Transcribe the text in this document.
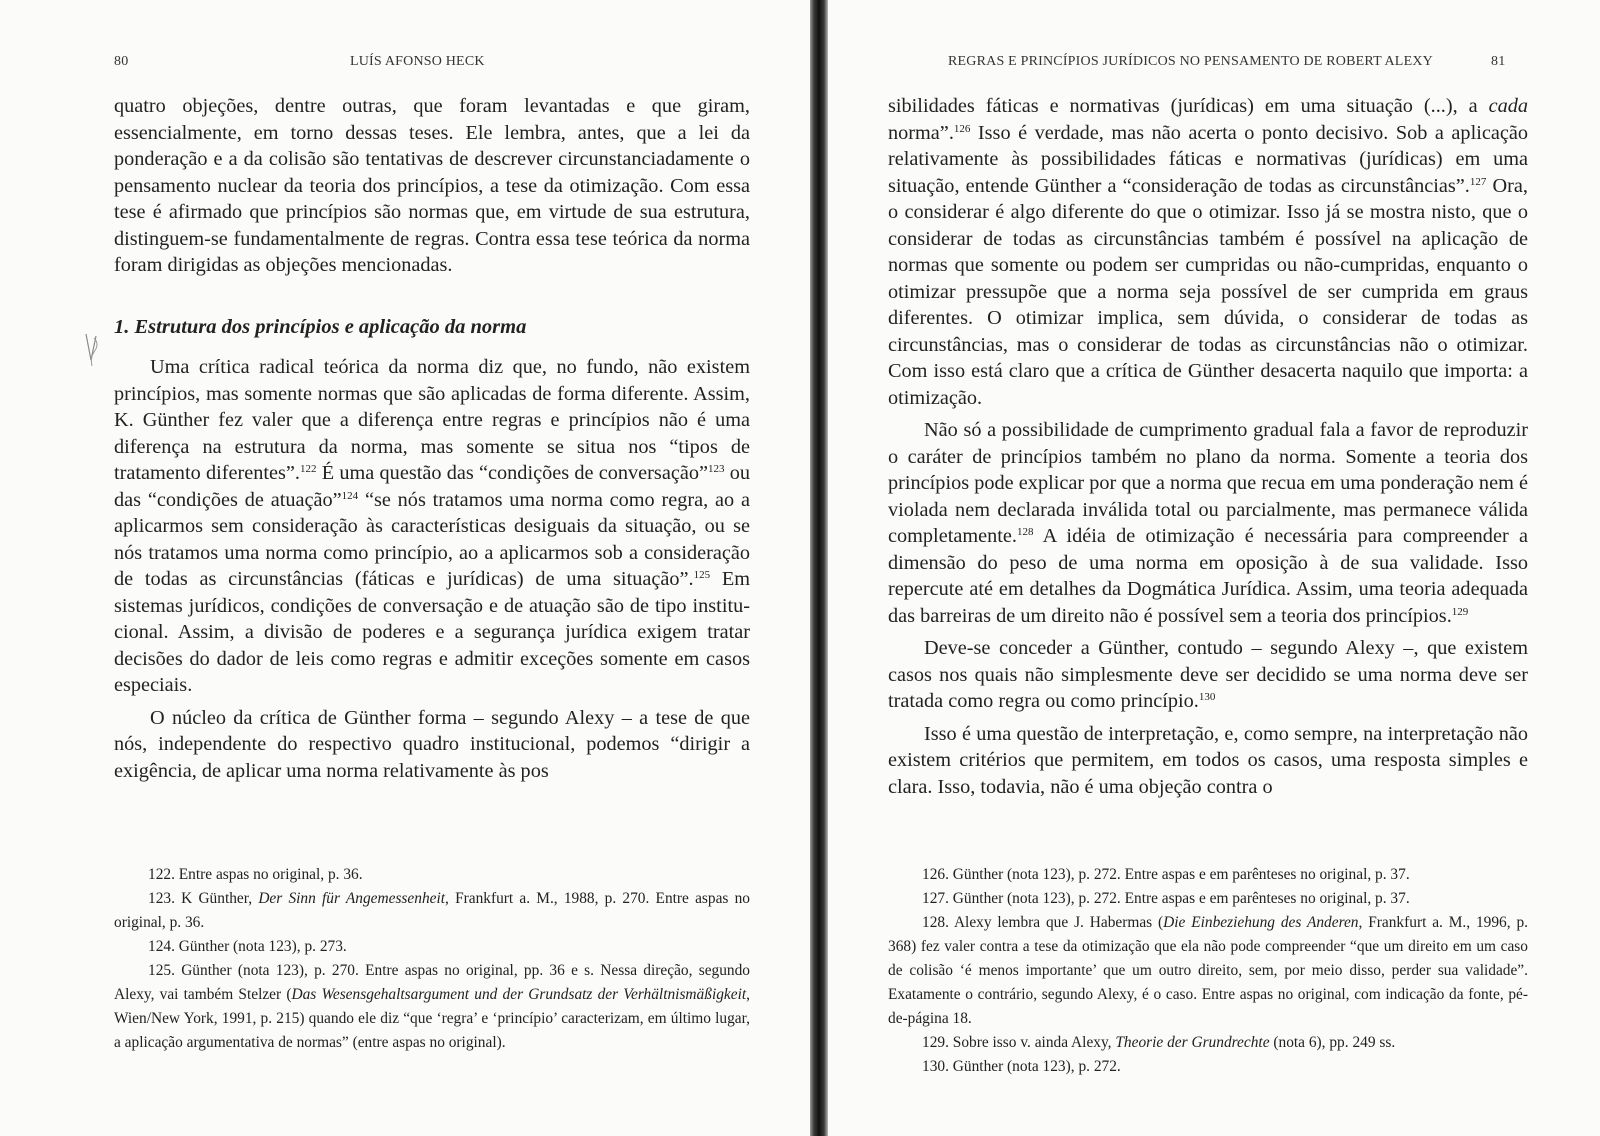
80	LUÍS AFONSO HECK

quatro objeções, dentre outras, que foram levantadas e que giram, essencialmente, em torno dessas teses. Ele lembra, antes, que a lei da ponderação e a da colisão são tentativas de descrever circunstanciadamente o pensamento nuclear da teoria dos princípios, a tese da otimização. Com essa tese é afirmado que princípios são normas que, em virtude de sua estrutura, distinguem-se fundamentalmente de regras. Contra essa tese teórica da norma foram dirigidas as objeções mencionadas.

1. Estrutura dos princípios e aplicação da norma

Uma crítica radical teórica da norma diz que, no fundo, não existem princípios, mas somente normas que são aplicadas de forma diferente. Assim, K. Günther fez valer que a diferença entre regras e princípios não é uma diferença na estrutura da norma, mas somente se situa nos “tipos de tratamento diferentes”.$^{122}$ É uma questão das “condições de conversação”$^{123}$ ou das “condições de atuação”$^{124}$ “se nós tratamos uma norma como regra, ao a aplicarmos sem consideração às características desiguais da situação, ou se nós tratamos uma norma como princípio, ao a aplicarmos sob a consideração de todas as circunstâncias (fáticas e jurídicas) de uma situação”.$^{125}$ Em sistemas jurídicos, condições de conversação e de atuação são de tipo institucional. Assim, a divisão de poderes e a segurança jurídica exigem tratar decisões do dador de leis como regras e admitir exceções somente em casos especiais.

O núcleo da crítica de Günther forma – segundo Alexy – a tese de que nós, independente do respectivo quadro institucional, podemos “dirigir a exigência, de aplicar uma norma relativamente às pos

122. Entre aspas no original, p. 36.

123. K Günther, Der Sinn für Angemessenheit, Frankfurt a. M., 1988, p. 270. Entre aspas no original, p. 36.

124. Günther (nota 123), p. 273.

125. Günther (nota 123), p. 270. Entre aspas no original, pp. 36 e s. Nessa direção, segundo Alexy, vai também Stelzer (Das Wesensgehaltsargument und der Grundsatz der Verhältnismäßigkeit, Wien/New York, 1991, p. 215) quando ele diz “que ‘regra’ e ‘princípio’ caracterizam, em último lugar, a aplicação argumentativa de normas” (entre aspas no original).

REGRAS E PRINCÍPIOS JURÍDICOS NO PENSAMENTO DE ROBERT ALEXY	81

sibilidades fáticas e normativas (jurídicas) em uma situação (...), a cada norma”.$^{126}$ Isso é verdade, mas não acerta o ponto decisivo. Sob a aplicação relativamente às possibilidades fáticas e normativas (jurídicas) em uma situação, entende Günther a “consideração de todas as circunstâncias”.$^{127}$ Ora, o considerar é algo diferente do que o otimizar. Isso já se mostra nisto, que o considerar de todas as circunstâncias também é possível na aplicação de normas que somente ou podem ser cumpridas ou não-cumpridas, enquanto o otimizar pressupõe que a norma seja possível de ser cumprida em graus diferentes. O otimizar implica, sem dúvida, o considerar de todas as circunstâncias, mas o considerar de todas as circunstâncias não o otimizar. Com isso está claro que a crítica de Günther desacerta naquilo que importa: a otimização.

Não só a possibilidade de cumprimento gradual fala a favor de reproduzir o caráter de princípios também no plano da norma. Somente a teoria dos princípios pode explicar por que a norma que recua em uma ponderação nem é violada nem declarada inválida total ou parcialmente, mas permanece válida completamente.$^{128}$ A idéia de otimização é necessária para compreender a dimensão do peso de uma norma em oposição à de sua validade. Isso repercute até em detalhes da Dogmática Jurídica. Assim, uma teoria adequada das barreiras de um direito não é possível sem a teoria dos princípios.$^{129}$

Deve-se conceder a Günther, contudo – segundo Alexy –, que existem casos nos quais não simplesmente deve ser decidido se uma norma deve ser tratada como regra ou como princípio.$^{130}$

Isso é uma questão de interpretação, e, como sempre, na interpretação não existem critérios que permitem, em todos os casos, uma resposta simples e clara. Isso, todavia, não é uma objeção contra o

126. Günther (nota 123), p. 272. Entre aspas e em parênteses no original, p. 37.

127. Günther (nota 123), p. 272. Entre aspas e em parênteses no original, p. 37.

128. Alexy lembra que J. Habermas (Die Einbeziehung des Anderen, Frankfurt a. M., 1996, p. 368) fez valer contra a tese da otimização que ela não pode compreender “que um direito em um caso de colisão ‘é menos importante’ que um outro direito, sem, por meio disso, perder sua validade”. Exatamente o contrário, segundo Alexy, é o caso. Entre aspas no original, com indicação da fonte, pé-de-página 18.

129. Sobre isso v. ainda Alexy, Theorie der Grundrechte (nota 6), pp. 249 ss.

130. Günther (nota 123), p. 272.
